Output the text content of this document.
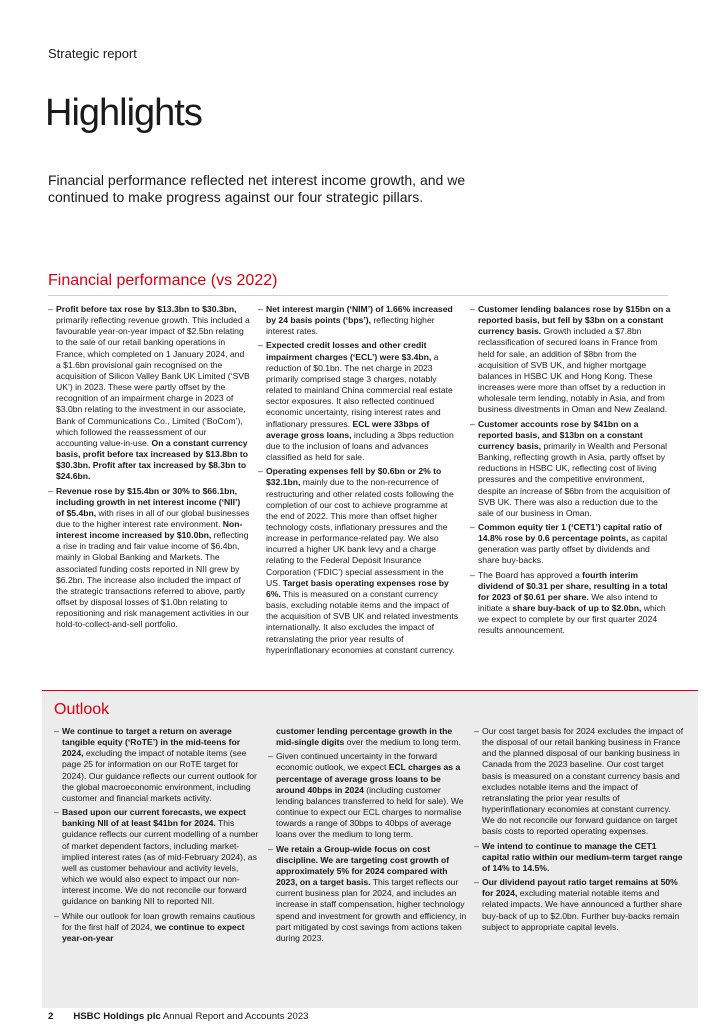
Strategic report
Highlights
Financial performance reflected net interest income growth, and we continued to make progress against our four strategic pillars.
Financial performance (vs 2022)
– Profit before tax rose by $13.3bn to $30.3bn, primarily reflecting revenue growth. This included a favourable year-on-year impact of $2.5bn relating to the sale of our retail banking operations in France, which completed on 1 January 2024, and a $1.6bn provisional gain recognised on the acquisition of Silicon Valley Bank UK Limited (‘SVB UK’) in 2023. These were partly offset by the recognition of an impairment charge in 2023 of $3.0bn relating to the investment in our associate, Bank of Communications Co., Limited (‘BoCom’), which followed the reassessment of our accounting value-in-use. On a constant currency basis, profit before tax increased by $13.8bn to $30.3bn. Profit after tax increased by $8.3bn to $24.6bn.
– Revenue rose by $15.4bn or 30% to $66.1bn, including growth in net interest income (‘NII’) of $5.4bn, with rises in all of our global businesses due to the higher interest rate environment. Non-interest income increased by $10.0bn, reflecting a rise in trading and fair value income of $6.4bn, mainly in Global Banking and Markets. The associated funding costs reported in NII grew by $6.2bn. The increase also included the impact of the strategic transactions referred to above, partly offset by disposal losses of $1.0bn relating to repositioning and risk management activities in our hold-to-collect-and-sell portfolio.
– Net interest margin (‘NIM’) of 1.66% increased by 24 basis points (‘bps’), reflecting higher interest rates.
– Expected credit losses and other credit impairment charges (‘ECL’) were $3.4bn, a reduction of $0.1bn. The net charge in 2023 primarily comprised stage 3 charges, notably related to mainland China commercial real estate sector exposures. It also reflected continued economic uncertainty, rising interest rates and inflationary pressures. ECL were 33bps of average gross loans, including a 3bps reduction due to the inclusion of loans and advances classified as held for sale.
– Operating expenses fell by $0.6bn or 2% to $32.1bn, mainly due to the non-recurrence of restructuring and other related costs following the completion of our cost to achieve programme at the end of 2022. This more than offset higher technology costs, inflationary pressures and the increase in performance-related pay. We also incurred a higher UK bank levy and a charge relating to the Federal Deposit Insurance Corporation (‘FDIC’) special assessment in the US. Target basis operating expenses rose by 6%. This is measured on a constant currency basis, excluding notable items and the impact of the acquisition of SVB UK and related investments internationally. It also excludes the impact of retranslating the prior year results of hyperinflationary economies at constant currency.
– Customer lending balances rose by $15bn on a reported basis, but fell by $3bn on a constant currency basis. Growth included a $7.8bn reclassification of secured loans in France from held for sale, an addition of $8bn from the acquisition of SVB UK, and higher mortgage balances in HSBC UK and Hong Kong. These increases were more than offset by a reduction in wholesale term lending, notably in Asia, and from business divestments in Oman and New Zealand.
– Customer accounts rose by $41bn on a reported basis, and $13bn on a constant currency basis, primarily in Wealth and Personal Banking, reflecting growth in Asia, partly offset by reductions in HSBC UK, reflecting cost of living pressures and the competitive environment, despite an increase of $6bn from the acquisition of SVB UK. There was also a reduction due to the sale of our business in Oman.
– Common equity tier 1 (‘CET1’) capital ratio of 14.8% rose by 0.6 percentage points, as capital generation was partly offset by dividends and share buy-backs.
– The Board has approved a fourth interim dividend of $0.31 per share, resulting in a total for 2023 of $0.61 per share. We also intend to initiate a share buy-back of up to $2.0bn, which we expect to complete by our first quarter 2024 results announcement.
Outlook
– We continue to target a return on average tangible equity (‘RoTE’) in the mid-teens for 2024, excluding the impact of notable items (see page 25 for information on our RoTE target for 2024). Our guidance reflects our current outlook for the global macroeconomic environment, including customer and financial markets activity.
– Based upon our current forecasts, we expect banking NII of at least $41bn for 2024. This guidance reflects our current modelling of a number of market dependent factors, including market-implied interest rates (as of mid-February 2024), as well as customer behaviour and activity levels, which we would also expect to impact our non-interest income. We do not reconcile our forward guidance on banking NII to reported NII.
– While our outlook for loan growth remains cautious for the first half of 2024, we continue to expect year-on-year
customer lending percentage growth in the mid-single digits over the medium to long term.
– Given continued uncertainty in the forward economic outlook, we expect ECL charges as a percentage of average gross loans to be around 40bps in 2024 (including customer lending balances transferred to held for sale). We continue to expect our ECL charges to normalise towards a range of 30bps to 40bps of average loans over the medium to long term.
– We retain a Group-wide focus on cost discipline. We are targeting cost growth of approximately 5% for 2024 compared with 2023, on a target basis. This target reflects our current business plan for 2024, and includes an increase in staff compensation, higher technology spend and investment for growth and efficiency, in part mitigated by cost savings from actions taken during 2023.
– Our cost target basis for 2024 excludes the impact of the disposal of our retail banking business in France and the planned disposal of our banking business in Canada from the 2023 baseline. Our cost target basis is measured on a constant currency basis and excludes notable items and the impact of retranslating the prior year results of hyperinflationary economies at constant currency. We do not reconcile our forward guidance on target basis costs to reported operating expenses.
– We intend to continue to manage the CET1 capital ratio within our medium-term target range of 14% to 14.5%.
– Our dividend payout ratio target remains at 50% for 2024, excluding material notable items and related impacts. We have announced a further share buy-back of up to $2.0bn. Further buy-backs remain subject to appropriate capital levels.
2 HSBC Holdings plc Annual Report and Accounts 2023
